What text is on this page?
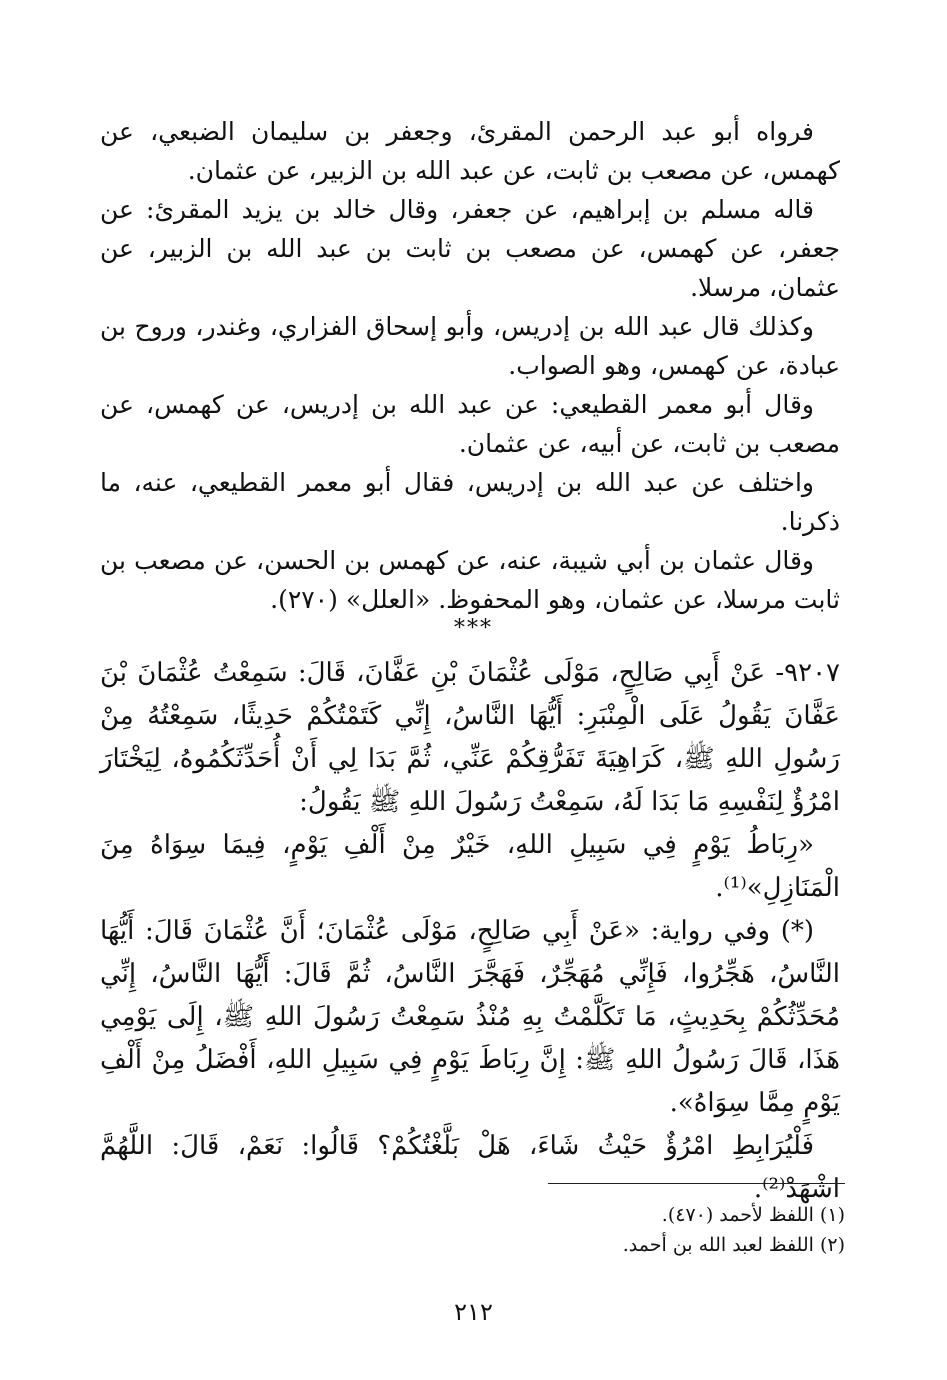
فرواه أبو عبد الرحمن المقرئ، وجعفر بن سليمان الضبعي، عن كهمس، عن مصعب بن ثابت، عن عبد الله بن الزبير، عن عثمان.

قاله مسلم بن إبراهيم، عن جعفر، وقال خالد بن يزيد المقرئ: عن جعفر، عن كهمس، عن مصعب بن ثابت بن عبد الله بن الزبير، عن عثمان، مرسلا.

وكذلك قال عبد الله بن إدريس، وأبو إسحاق الفزاري، وغندر، وروح بن عبادة، عن كهمس، وهو الصواب.

وقال أبو معمر القطيعي: عن عبد الله بن إدريس، عن كهمس، عن مصعب بن ثابت، عن أبيه، عن عثمان.

واختلف عن عبد الله بن إدريس، فقال أبو معمر القطيعي، عنه، ما ذكرنا.

وقال عثمان بن أبي شيبة، عنه، عن كهمس بن الحسن، عن مصعب بن ثابت مرسلا، عن عثمان، وهو المحفوظ. «العلل» (٢٧٠).

***

٩٢٠٧- عَنْ أَبِي صَالِحٍ، مَوْلَى عُثْمَانَ بْنِ عَفَّانَ، قَالَ: سَمِعْتُ عُثْمَانَ بْنَ عَفَّانَ يَقُولُ عَلَى الْمِنْبَرِ: أَيُّهَا النَّاسُ، إِنِّي كَتَمْتُكُمْ حَدِيثًا، سَمِعْتُهُ مِنْ رَسُولِ اللهِ ﷺ، كَرَاهِيَةَ تَفَرُّقِكُمْ عَنِّي، ثُمَّ بَدَا لِي أَنْ أُحَدِّثَكُمُوهُ، لِيَخْتَارَ امْرُؤٌ لِنَفْسِهِ مَا بَدَا لَهُ، سَمِعْتُ رَسُولَ اللهِ ﷺ يَقُولُ:

«رِبَاطُ يَوْمٍ فِي سَبِيلِ اللهِ، خَيْرٌ مِنْ أَلْفِ يَوْمٍ، فِيمَا سِوَاهُ مِنَ الْمَنَازِلِ»⁽¹⁾.

(*) وفي رواية: «عَنْ أَبِي صَالِحٍ، مَوْلَى عُثْمَانَ؛ أَنَّ عُثْمَانَ قَالَ: أَيُّهَا النَّاسُ، هَجِّرُوا، فَإِنِّي مُهَجِّرٌ، فَهَجَّرَ النَّاسُ، ثُمَّ قَالَ: أَيُّهَا النَّاسُ، إِنِّي مُحَدِّثُكُمْ بِحَدِيثٍ، مَا تَكَلَّمْتُ بِهِ مُنْذُ سَمِعْتُ رَسُولَ اللهِ ﷺ، إِلَى يَوْمِي هَذَا، قَالَ رَسُولُ اللهِ ﷺ: إِنَّ رِبَاطَ يَوْمٍ فِي سَبِيلِ اللهِ، أَفْضَلُ مِنْ أَلْفِ يَوْمٍ مِمَّا سِوَاهُ».

فَلْيُرَابِطِ امْرُؤٌ حَيْثُ شَاءَ، هَلْ بَلَّغْتُكُمْ؟ قَالُوا: نَعَمْ، قَالَ: اللَّهُمَّ اشْهَدْ⁽²⁾.

(١) اللفظ لأحمد (٤٧٠).

(٢) اللفظ لعبد الله بن أحمد.

٢١٢
